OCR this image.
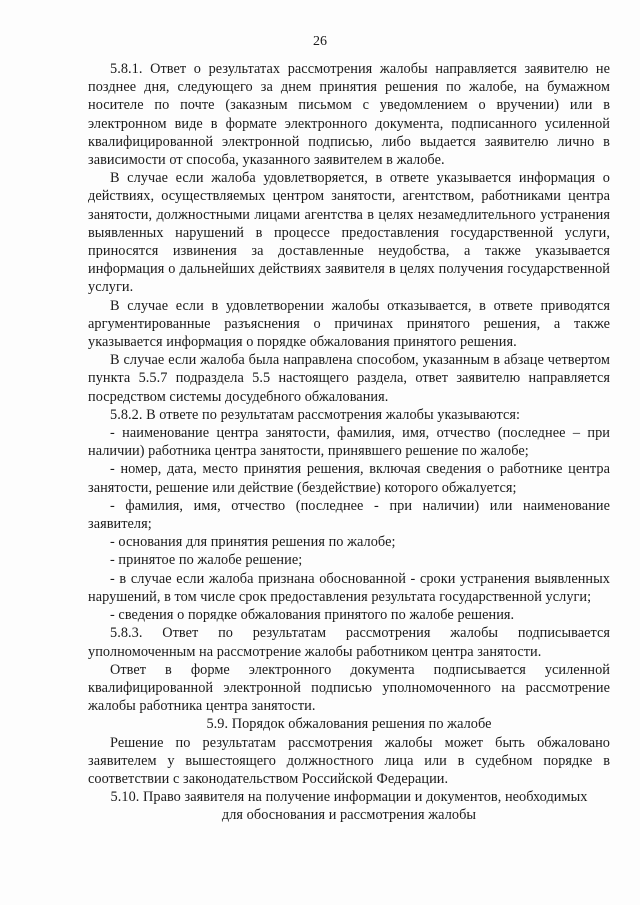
26

5.8.1. Ответ о результатах рассмотрения жалобы направляется заявителю не позднее дня, следующего за днем принятия решения по жалобе, на бумажном носителе по почте (заказным письмом с уведомлением о вручении) или в электронном виде в формате электронного документа, подписанного усиленной квалифицированной электронной подписью, либо выдается заявителю лично в зависимости от способа, указанного заявителем в жалобе.

В случае если жалоба удовлетворяется, в ответе указывается информация о действиях, осуществляемых центром занятости, агентством, работниками центра занятости, должностными лицами агентства в целях незамедлительного устранения выявленных нарушений в процессе предоставления государственной услуги, приносятся извинения за доставленные неудобства, а также указывается информация о дальнейших действиях заявителя в целях получения государственной услуги.

В случае если в удовлетворении жалобы отказывается, в ответе приводятся аргументированные разъяснения о причинах принятого решения, а также указывается информация о порядке обжалования принятого решения.

В случае если жалоба была направлена способом, указанным в абзаце четвертом пункта 5.5.7 подраздела 5.5 настоящего раздела, ответ заявителю направляется посредством системы досудебного обжалования.

5.8.2. В ответе по результатам рассмотрения жалобы указываются:

- наименование центра занятости, фамилия, имя, отчество (последнее – при наличии) работника центра занятости, принявшего решение по жалобе;

- номер, дата, место принятия решения, включая сведения о работнике центра занятости, решение или действие (бездействие) которого обжалуется;

- фамилия, имя, отчество (последнее - при наличии) или наименование заявителя;

- основания для принятия решения по жалобе;

- принятое по жалобе решение;

- в случае если жалоба признана обоснованной - сроки устранения выявленных нарушений, в том числе срок предоставления результата государственной услуги;

- сведения о порядке обжалования принятого по жалобе решения.

5.8.3. Ответ по результатам рассмотрения жалобы подписывается уполномоченным на рассмотрение жалобы работником центра занятости.

Ответ в форме электронного документа подписывается усиленной квалифицированной электронной подписью уполномоченного на рассмотрение жалобы работника центра занятости.

5.9. Порядок обжалования решения по жалобе

Решение по результатам рассмотрения жалобы может быть обжаловано заявителем у вышестоящего должностного лица или в судебном порядке в соответствии с законодательством Российской Федерации.

5.10. Право заявителя на получение информации и документов, необходимых для обоснования и рассмотрения жалобы
